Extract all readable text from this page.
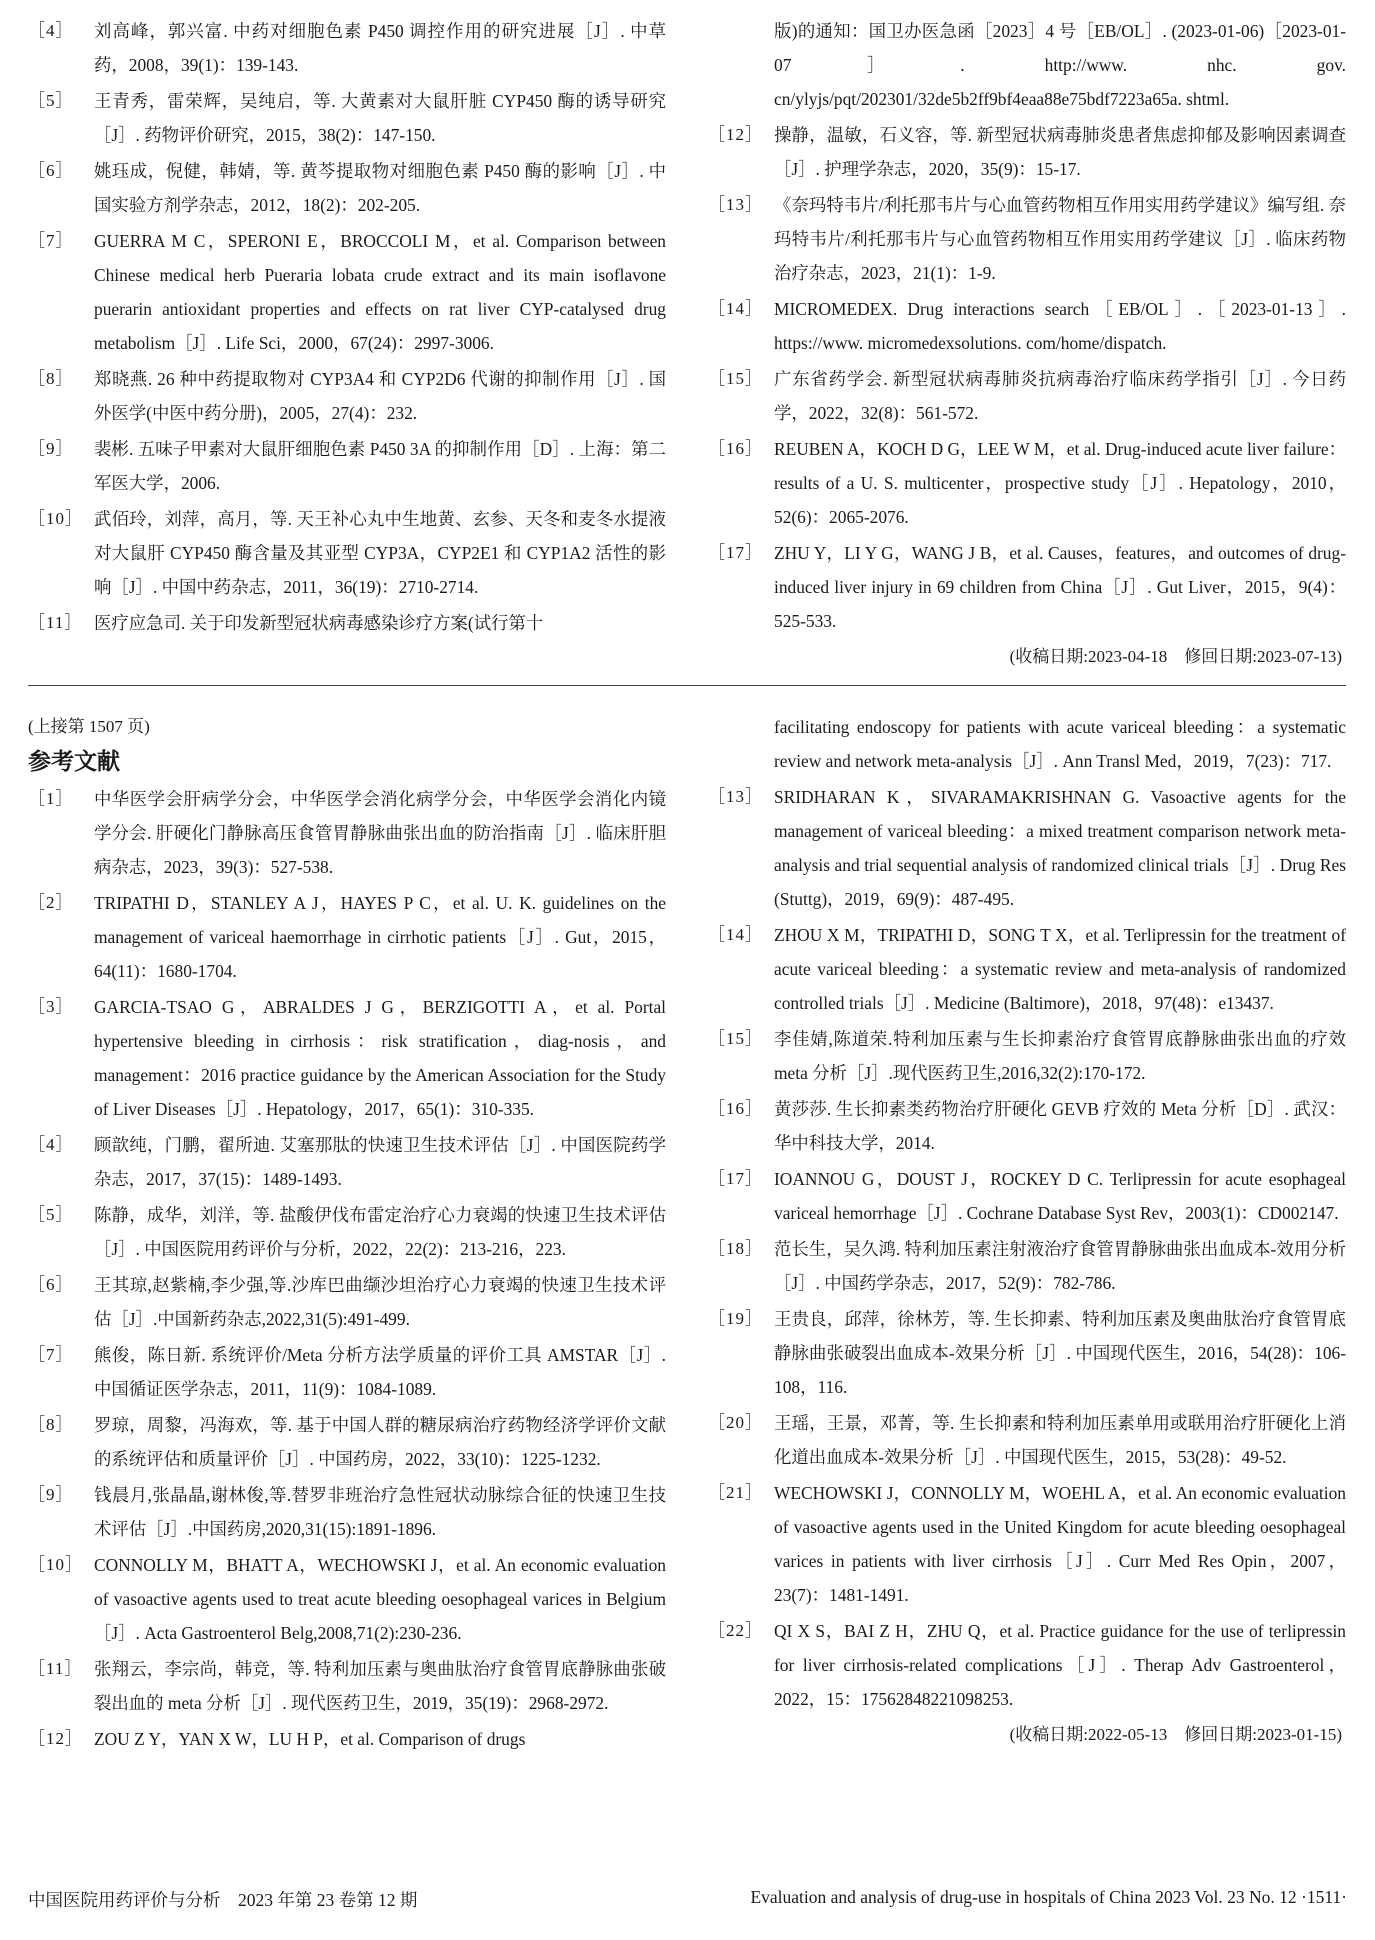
［4］	刘高峰，郭兴富. 中药对细胞色素 P450 调控作用的研究进展［J］. 中草药，2008，39(1)：139-143.
［5］	王青秀，雷荣辉，吴纯启，等. 大黄素对大鼠肝脏 CYP450 酶的诱导研究［J］. 药物评价研究，2015，38(2)：147-150.
［6］	姚珏成，倪健，韩婧，等. 黄芩提取物对细胞色素 P450 酶的影响［J］. 中国实验方剂学杂志，2012，18(2)：202-205.
［7］	GUERRA M C，SPERONI E，BROCCOLI M，et al. Comparison between Chinese medical herb Pueraria lobata crude extract and its main isoflavone puerarin antioxidant properties and effects on rat liver CYP-catalysed drug metabolism［J］. Life Sci，2000，67(24)：2997-3006.
［8］	郑晓燕. 26 种中药提取物对 CYP3A4 和 CYP2D6 代谢的抑制作用［J］. 国外医学(中医中药分册)，2005，27(4)：232.
［9］	裴彬. 五味子甲素对大鼠肝细胞色素 P450 3A 的抑制作用［D］. 上海：第二军医大学，2006.
［10］ 武佰玲，刘萍，高月，等. 天王补心丸中生地黄、玄参、天冬和麦冬水提液对大鼠肝 CYP450 酶含量及其亚型 CYP3A，CYP2E1 和 CYP1A2 活性的影响［J］. 中国中药杂志，2011，36(19)：2710-2714.
［11］ 医疗应急司. 关于印发新型冠状病毒感染诊疗方案(试行第十
版)的通知：国卫办医急函［2023］4 号［EB/OL］. (2023-01-06)［2023-01-07］. http://www. nhc. gov. cn/ylyjs/pqt/202301/32de5b2ff9bf4eaa88e75bdf7223a65a. shtml.
［12］ 操静，温敏，石义容，等. 新型冠状病毒肺炎患者焦虑抑郁及影响因素调查［J］. 护理学杂志，2020，35(9)：15-17.
［13］ 《奈玛特韦片/利托那韦片与心血管药物相互作用实用药学建议》编写组. 奈玛特韦片/利托那韦片与心血管药物相互作用实用药学建议［J］. 临床药物治疗杂志，2023，21(1)：1-9.
［14］ MICROMEDEX. Drug interactions search［EB/OL］.［2023-01-13］. https://www. micromedexsolutions. com/home/dispatch.
［15］ 广东省药学会. 新型冠状病毒肺炎抗病毒治疗临床药学指引［J］. 今日药学，2022，32(8)：561-572.
［16］ REUBEN A，KOCH D G，LEE W M，et al. Drug-induced acute liver failure：results of a U. S. multicenter，prospective study［J］. Hepatology，2010，52(6)：2065-2076.
［17］ ZHU Y，LI Y G，WANG J B，et al. Causes，features，and outcomes of drug-induced liver injury in 69 children from China［J］. Gut Liver，2015，9(4)：525-533.
(收稿日期:2023-04-18　修回日期:2023-07-13)
(上接第 1507 页)
参考文献
［1］	中华医学会肝病学分会，中华医学会消化病学分会，中华医学会消化内镜学分会. 肝硬化门静脉高压食管胃静脉曲张出血的防治指南［J］. 临床肝胆病杂志，2023，39(3)：527-538.
［2］	TRIPATHI D，STANLEY A J，HAYES P C，et al. U. K. guidelines on the management of variceal haemorrhage in cirrhotic patients［J］. Gut，2015，64(11)：1680-1704.
［3］	GARCIA-TSAO G，ABRALDES J G，BERZIGOTTI A，et al. Portal hypertensive bleeding in cirrhosis：risk stratification，diag-nosis，and management：2016 practice guidance by the American Association for the Study of Liver Diseases［J］. Hepatology，2017，65(1)：310-335.
［4］	顾歆纯，门鹏，翟所迪. 艾塞那肽的快速卫生技术评估［J］. 中国医院药学杂志，2017，37(15)：1489-1493.
［5］	陈静，成华，刘洋，等. 盐酸伊伐布雷定治疗心力衰竭的快速卫生技术评估［J］. 中国医院用药评价与分析，2022，22(2)：213-216，223.
［6］	王其琼,赵紫楠,李少强,等.沙库巴曲缬沙坦治疗心力衰竭的快速卫生技术评估［J］.中国新药杂志,2022,31(5):491-499.
［7］	熊俊，陈日新. 系统评价/Meta 分析方法学质量的评价工具 AMSTAR［J］. 中国循证医学杂志，2011，11(9)：1084-1089.
［8］	罗琼，周黎，冯海欢，等. 基于中国人群的糖尿病治疗药物经济学评价文献的系统评估和质量评价［J］. 中国药房，2022，33(10)：1225-1232.
［9］	钱晨月,张晶晶,谢林俊,等.替罗非班治疗急性冠状动脉综合征的快速卫生技术评估［J］.中国药房,2020,31(15):1891-1896.
［10］ CONNOLLY M，BHATT A，WECHOWSKI J，et al. An economic evaluation of vasoactive agents used to treat acute bleeding oesophageal varices in Belgium［J］. Acta Gastroenterol Belg,2008,71(2):230-236.
［11］ 张翔云，李宗尚，韩竞，等. 特利加压素与奥曲肽治疗食管胃底静脉曲张破裂出血的 meta 分析［J］. 现代医药卫生，2019，35(19)：2968-2972.
［12］ ZOU Z Y，YAN X W，LU H P，et al. Comparison of drugs
facilitating endoscopy for patients with acute variceal bleeding：a systematic review and network meta-analysis［J］. Ann Transl Med，2019，7(23)：717.
［13］ SRIDHARAN K，SIVARAMAKRISHNAN G. Vasoactive agents for the management of variceal bleeding：a mixed treatment comparison network meta-analysis and trial sequential analysis of randomized clinical trials［J］. Drug Res (Stuttg)，2019，69(9)：487-495.
［14］ ZHOU X M，TRIPATHI D，SONG T X，et al. Terlipressin for the treatment of acute variceal bleeding：a systematic review and meta-analysis of randomized controlled trials［J］. Medicine (Baltimore)，2018，97(48)：e13437.
［15］ 李佳婧,陈道荣.特利加压素与生长抑素治疗食管胃底静脉曲张出血的疗效 meta 分析［J］.现代医药卫生,2016,32(2):170-172.
［16］ 黄莎莎. 生长抑素类药物治疗肝硬化 GEVB 疗效的 Meta 分析［D］. 武汉：华中科技大学，2014.
［17］ IOANNOU G，DOUST J，ROCKEY D C. Terlipressin for acute esophageal variceal hemorrhage［J］. Cochrane Database Syst Rev，2003(1)：CD002147.
［18］ 范长生，吴久鸿. 特利加压素注射液治疗食管胃静脉曲张出血成本-效用分析［J］. 中国药学杂志，2017，52(9)：782-786.
［19］ 王贵良，邱萍，徐林芳，等. 生长抑素、特利加压素及奥曲肽治疗食管胃底静脉曲张破裂出血成本-效果分析［J］. 中国现代医生，2016，54(28)：106-108，116.
［20］ 王瑶，王景，邓菁，等. 生长抑素和特利加压素单用或联用治疗肝硬化上消化道出血成本-效果分析［J］. 中国现代医生，2015，53(28)：49-52.
［21］ WECHOWSKI J，CONNOLLY M，WOEHL A，et al. An economic evaluation of vasoactive agents used in the United Kingdom for acute bleeding oesophageal varices in patients with liver cirrhosis［J］. Curr Med Res Opin，2007，23(7)：1481-1491.
［22］ QI X S，BAI Z H，ZHU Q，et al. Practice guidance for the use of terlipressin for liver cirrhosis-related complications［J］. Therap Adv Gastroenterol，2022，15：17562848221098253.
(收稿日期:2022-05-13　修回日期:2023-01-15)
中国医院用药评价与分析　2023 年第 23 卷第 12 期	Evaluation and analysis of drug-use in hospitals of China 2023 Vol. 23 No. 12 ·1511·
